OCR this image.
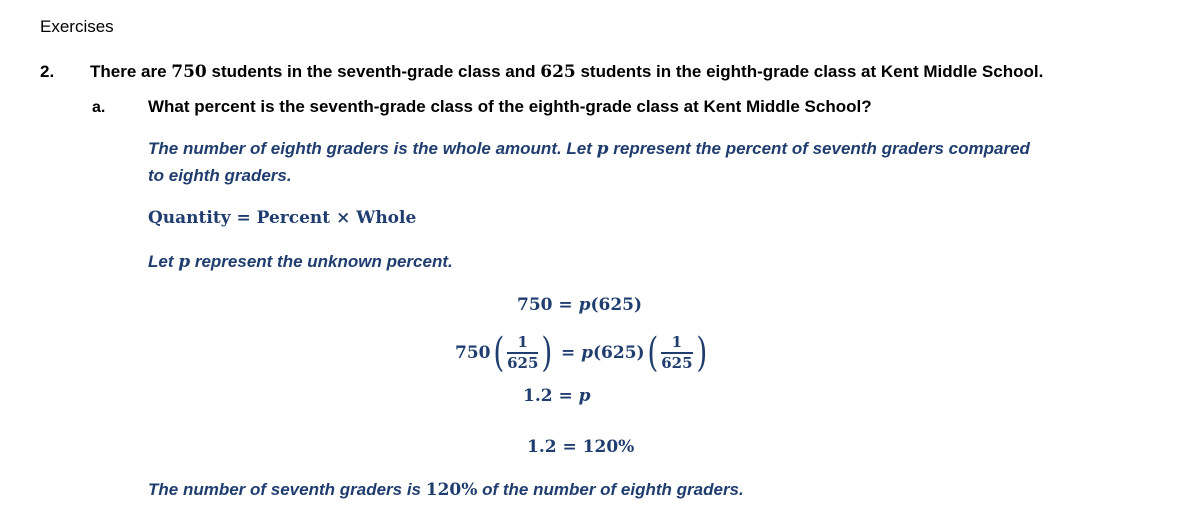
Exercises
2. There are 750 students in the seventh-grade class and 625 students in the eighth-grade class at Kent Middle School.
a.	What percent is the seventh-grade class of the eighth-grade class at Kent Middle School?
The number of eighth graders is the whole amount. Let p represent the percent of seventh graders compared
to eighth graders.
Quantity = Percent × Whole
Let p represent the unknown percent.
750 = p(625)
750 ( $\frac{1}{625}$ ) = p (625) ( $\frac{1}{625}$ )
1.2 = p
1.2 = 120%
The number of seventh graders is 120% of the number of eighth graders.
